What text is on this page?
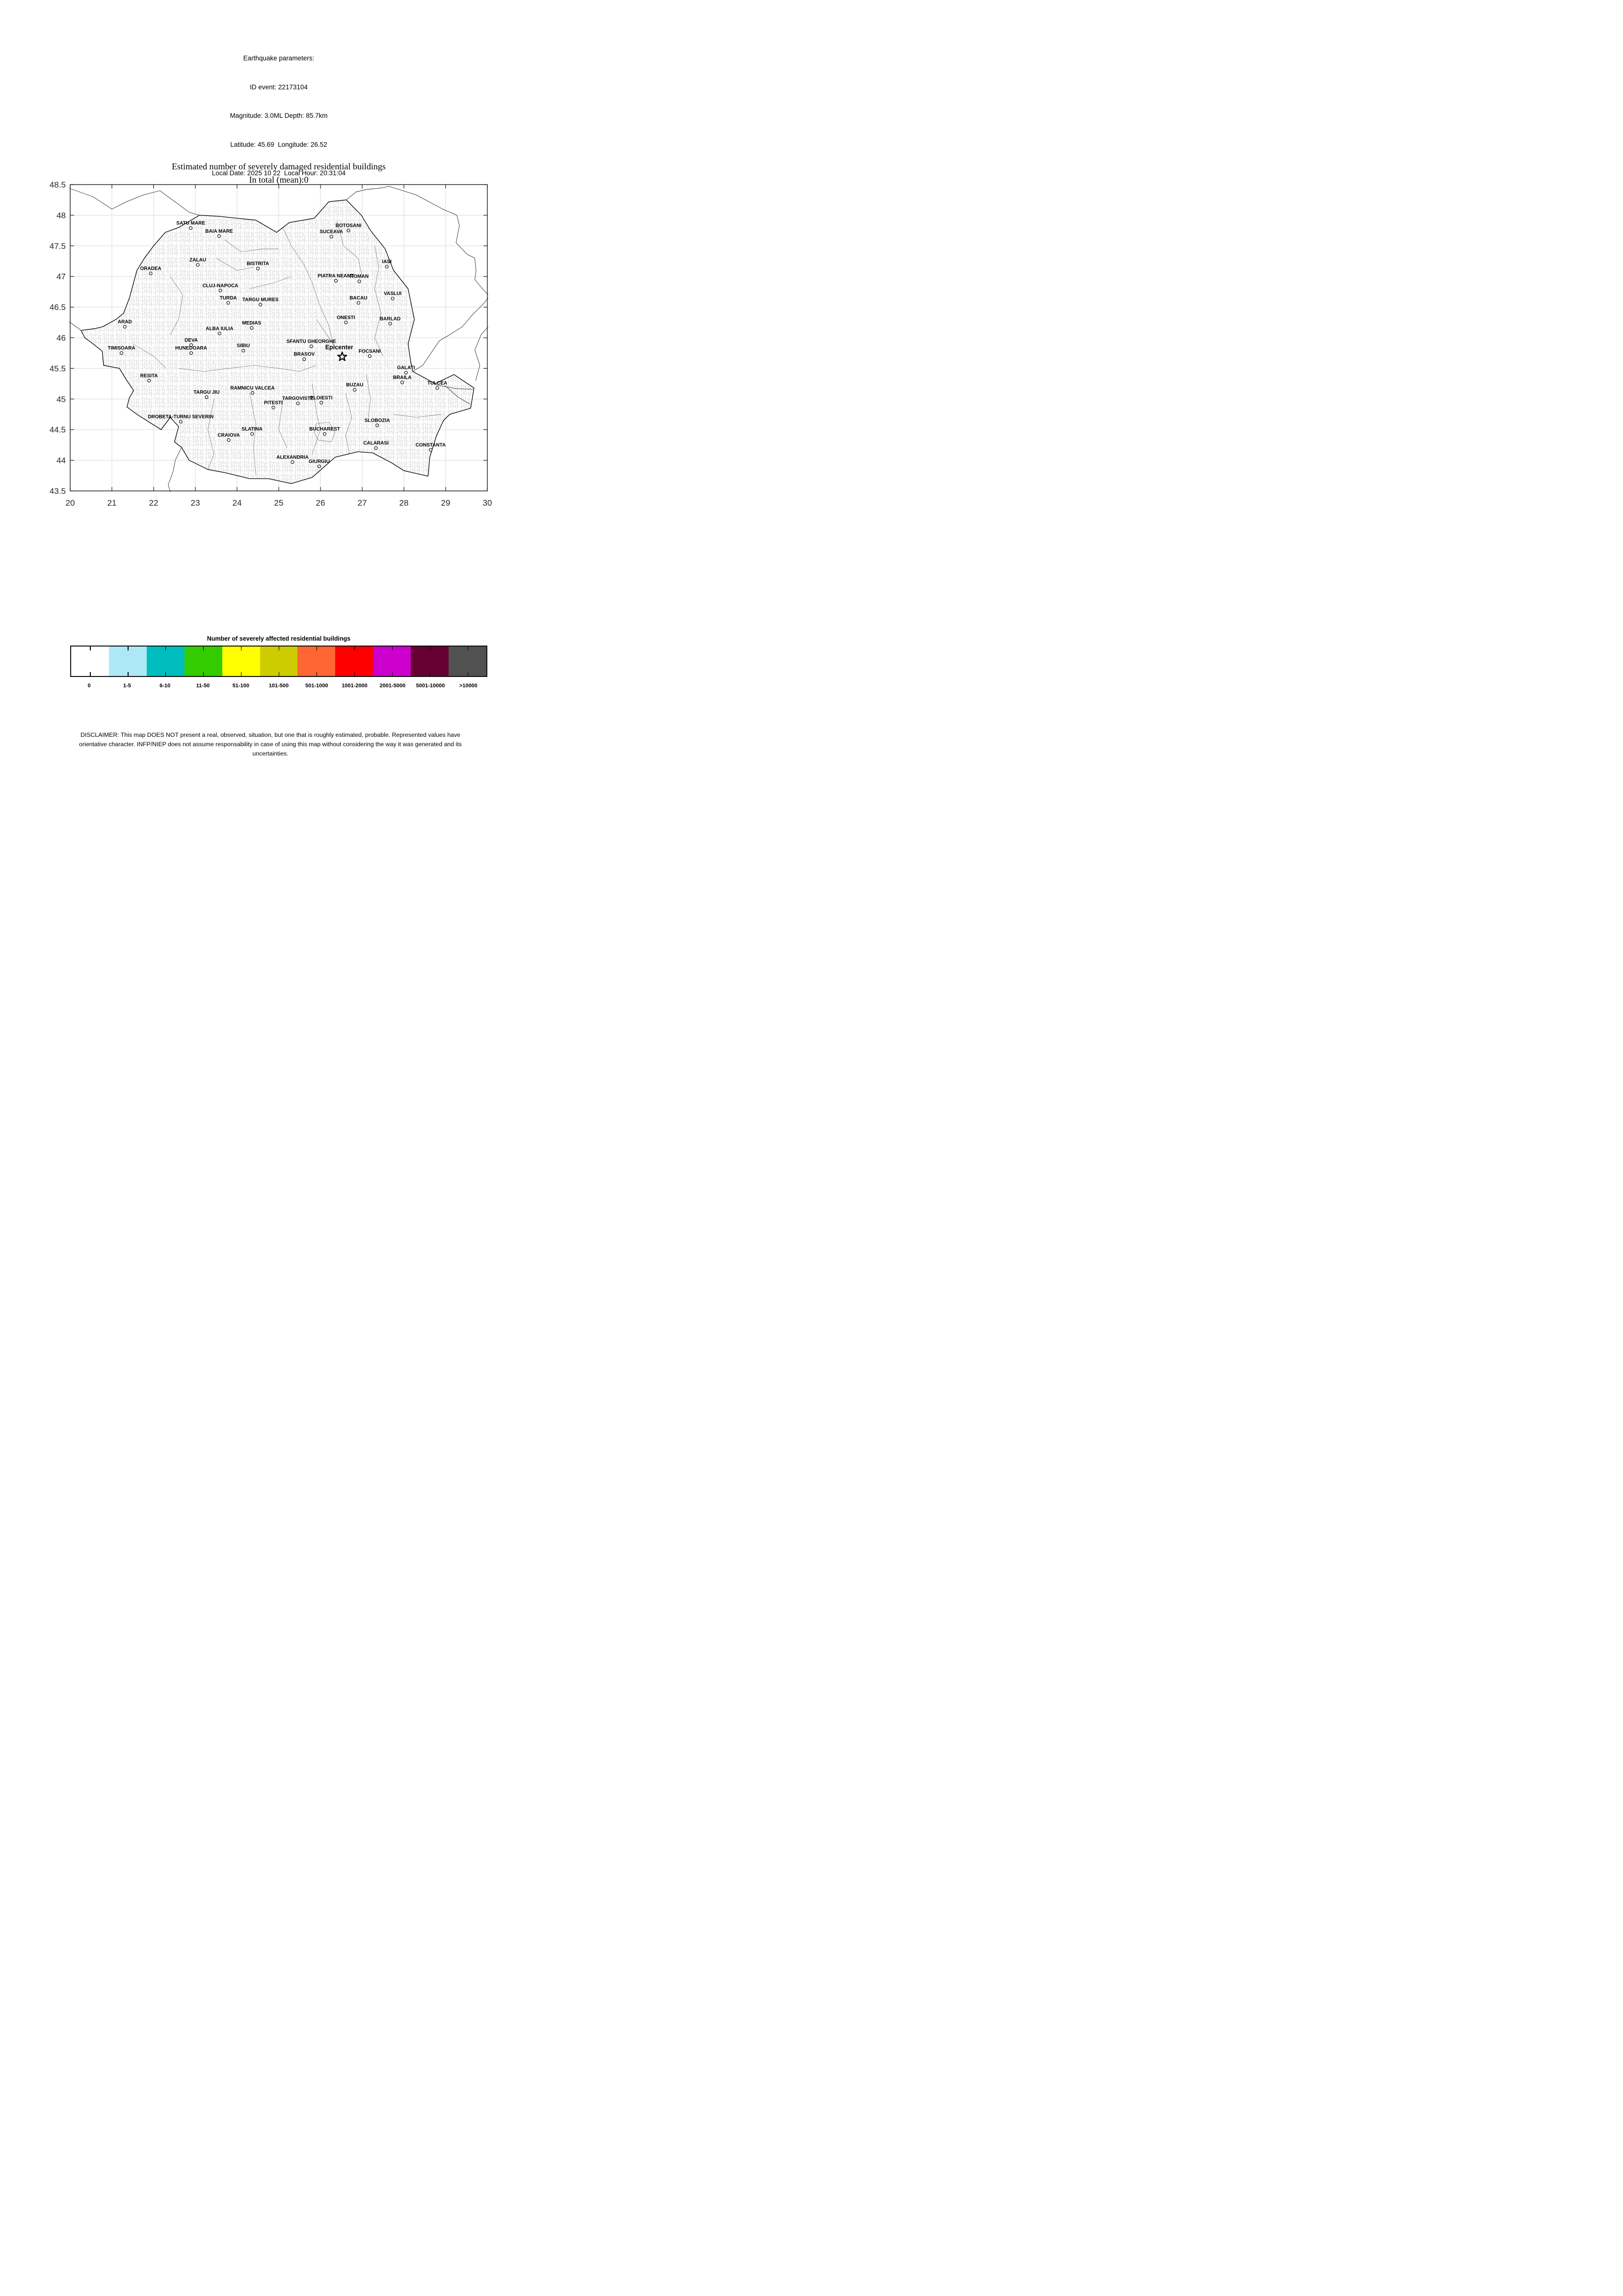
Earthquake parameters:

ID event: 22173104

Magnitude: 3.0ML Depth: 85.7km

Latitude: 45.69  Longitude: 26.52

Local Date: 2025 10 22  Local Hour: 20:31:04

Estimated number of severely damaged residential buildings
In total (mean):0
20	21	22	23	24	25	26	27	28	29	30
48.5
48
47.5
47
46.5
46
45.5
45
44.5
44
43.5
SATU MARE
BAIA MARE
BOTOSANI
SUCEAVA
IASI
ZALAU
BISTRITA
ORADEA
PIATRA NEAMT
ROMAN
CLUJ-NAPOCA
VASLUI
TURDA TARGU MURES	BACAU
ONESTI	BARLAD
ARAD	MEDIAS
ALBA IULIA
DEVA
HUNEDOARA
TIMISOARA	SIBIU
SFANTU GHEORGHE
BRASOV
FOCSANI
GALATI
BRAILA
RESITA
TULCEA
BUZAU
TARGU JIU
RAMNICU VALCEA
PLOIESTI
TARGOVISTE
PITESTI
DROBETA-TURNU SEVERIN
SLOBOZIA
SLATINA	BUCHAREST
CRAIOVA
CALARASI	CONSTANTA
ALEXANDRIA
GIURGIU
Epicenter
Number of severely affected residential buildings
0	1-5	6-10	11-50	51-100	101-500	501-1000	1001-2000	2001-5000	5001-10000	>10000
DISCLAIMER: This map DOES NOT present a real, observed, situation, but one that is roughly estimated, probable. Represented values have
orientative character. INFP/NIEP does not assume responsability in case of using this map without considering the way it was generated and its
uncertainties.
